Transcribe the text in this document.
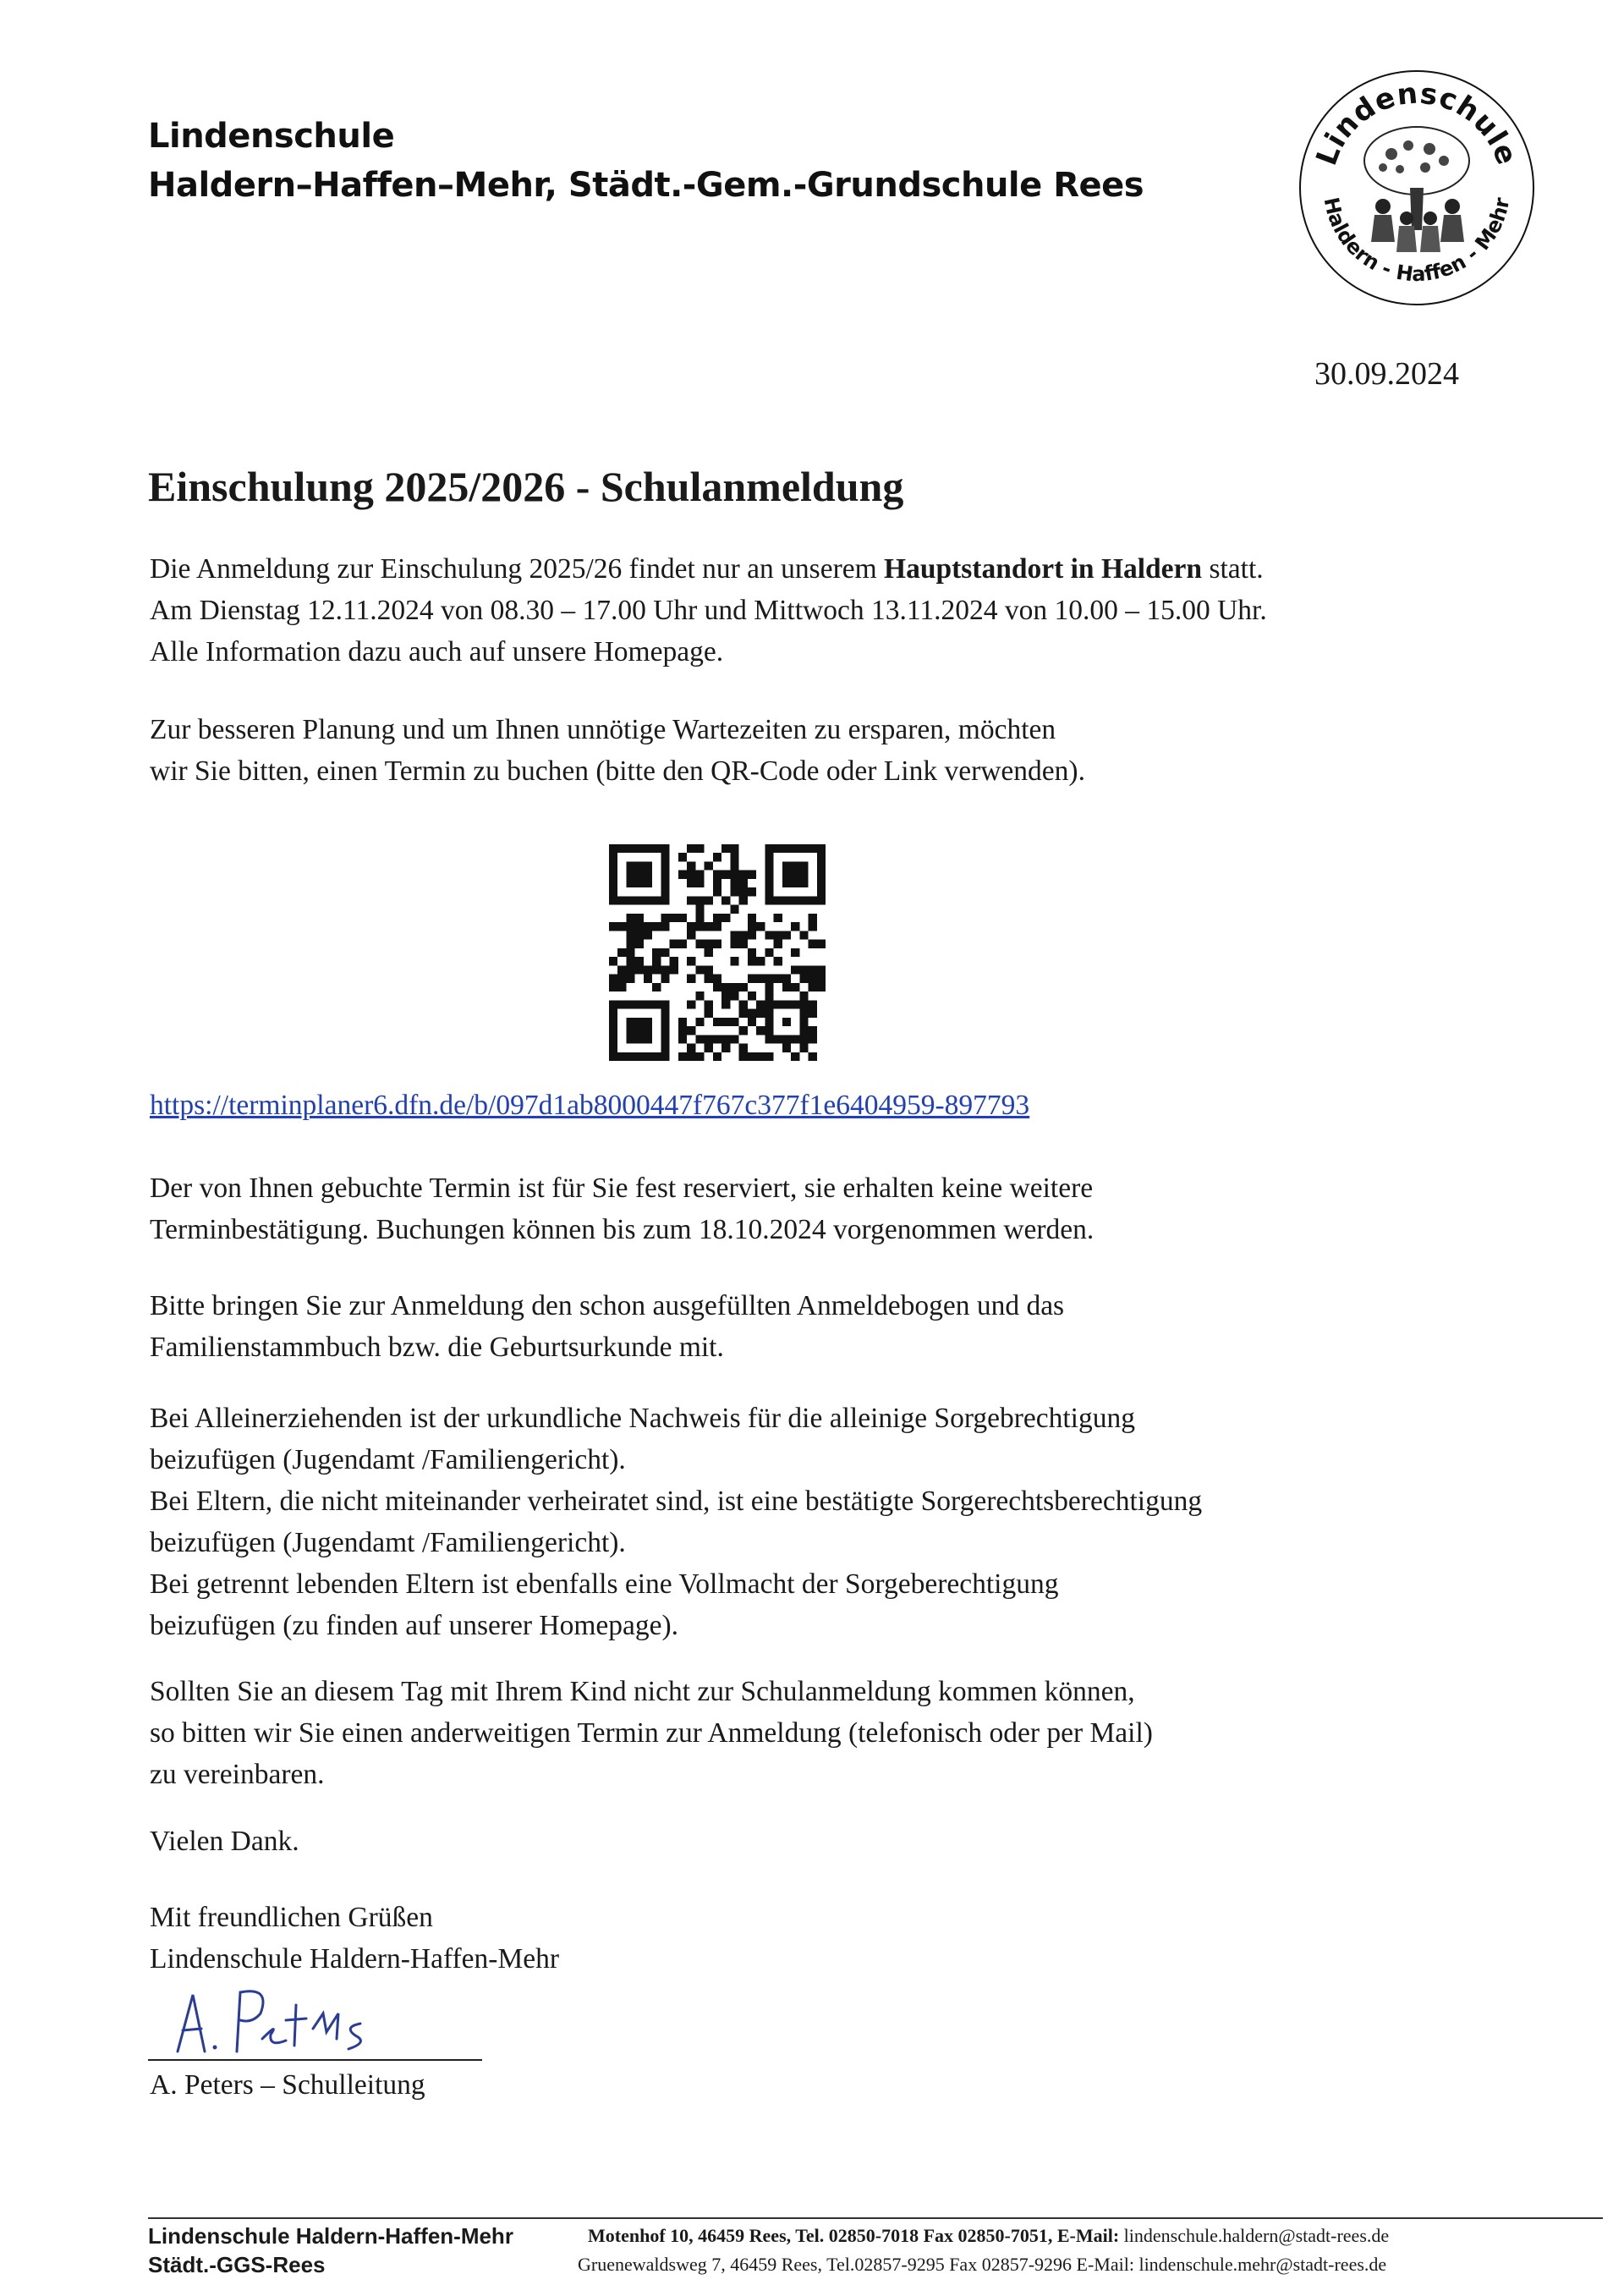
Lindenschule
Haldern–Haffen–Mehr, Städt.-Gem.-Grundschule Rees
Lindenschule
Haldern - Haffen - Mehr
30.09.2024
Einschulung 2025/2026 - Schulanmeldung
Die Anmeldung zur Einschulung 2025/26 findet nur an unserem Hauptstandort in Haldern statt.
Am Dienstag 12.11.2024 von 08.30 – 17.00 Uhr und Mittwoch 13.11.2024 von 10.00 – 15.00 Uhr.
Alle Information dazu auch auf unsere Homepage.
Zur besseren Planung und um Ihnen unnötige Wartezeiten zu ersparen, möchten
wir Sie bitten, einen Termin zu buchen (bitte den QR-Code oder Link verwenden).
https://terminplaner6.dfn.de/b/097d1ab8000447f767c377f1e6404959-897793
Der von Ihnen gebuchte Termin ist für Sie fest reserviert, sie erhalten keine weitere
Terminbestätigung. Buchungen können bis zum 18.10.2024 vorgenommen werden.
Bitte bringen Sie zur Anmeldung den schon ausgefüllten Anmeldebogen und das
Familienstammbuch bzw. die Geburtsurkunde mit.
Bei Alleinerziehenden ist der urkundliche Nachweis für die alleinige Sorgebrechtigung
beizufügen (Jugendamt /Familiengericht).
Bei Eltern, die nicht miteinander verheiratet sind, ist eine bestätigte Sorgerechtsberechtigung
beizufügen (Jugendamt /Familiengericht).
Bei getrennt lebenden Eltern ist ebenfalls eine Vollmacht der Sorgeberechtigung
beizufügen (zu finden auf unserer Homepage).
Sollten Sie an diesem Tag mit Ihrem Kind nicht zur Schulanmeldung kommen können,
so bitten wir Sie einen anderweitigen Termin zur Anmeldung (telefonisch oder per Mail)
zu vereinbaren.
Vielen Dank.
Mit freundlichen Grüßen
Lindenschule Haldern-Haffen-Mehr
A. Peters – Schulleitung
Lindenschule Haldern-Haffen-Mehr
Städt.-GGS-Rees
Motenhof 10, 46459 Rees, Tel. 02850-7018 Fax 02850-7051, E-Mail: lindenschule.haldern@stadt-rees.de
Gruenewaldsweg 7, 46459 Rees, Tel.02857-9295 Fax 02857-9296 E-Mail: lindenschule.mehr@stadt-rees.de
